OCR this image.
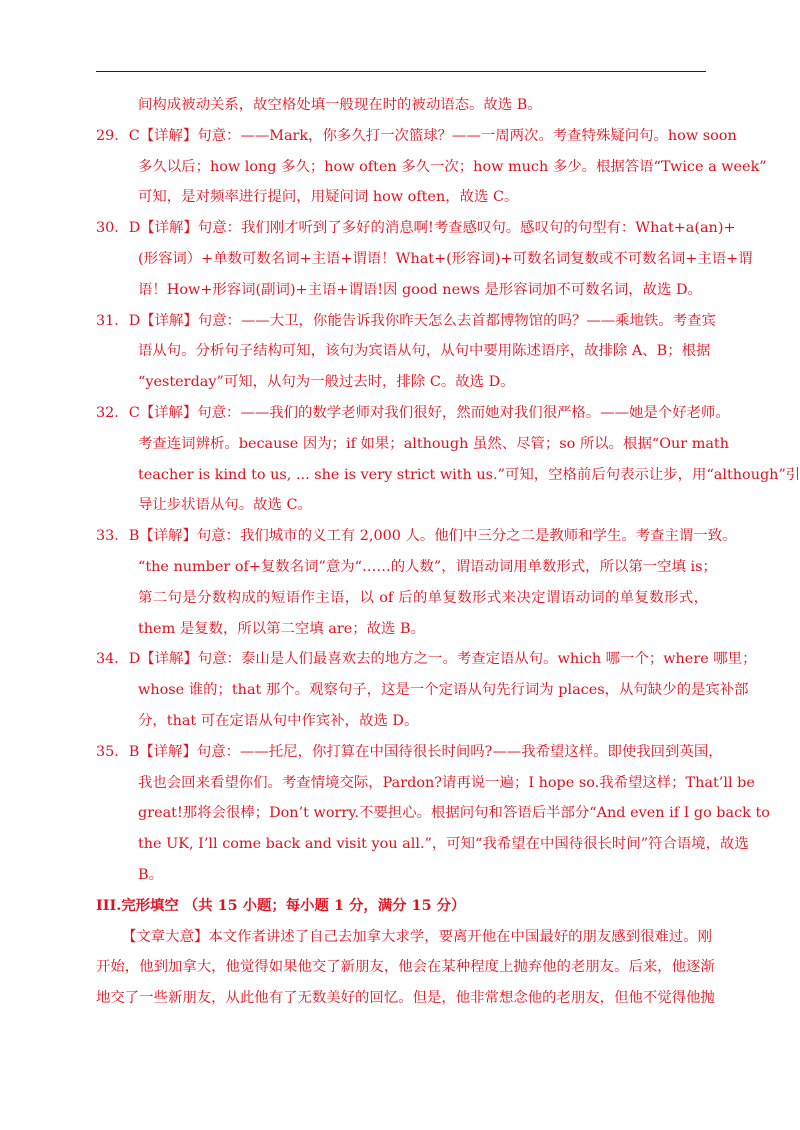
间构成被动关系，故空格处填一般现在时的被动语态。故选 B。
29．C【详解】句意：——Mark，你多久打一次篮球？——一周两次。考查特殊疑问句。how soon
多久以后；how long 多久；how often 多久一次；how much 多少。根据答语“Twice a week”
可知，是对频率进行提问，用疑问词 how often，故选 C。
30．D【详解】句意：我们刚才听到了多好的消息啊!考查感叹句。感叹句的句型有：What+a(an)+
(形容词）+单数可数名词+主语+谓语！What+(形容词)+可数名词复数或不可数名词+主语+谓
语！How+形容词(副词)+主语+谓语!因 good news 是形容词加不可数名词，故选 D。
31．D【详解】句意：——大卫，你能告诉我你昨天怎么去首都博物馆的吗？——乘地铁。考查宾
语从句。分析句子结构可知，该句为宾语从句，从句中要用陈述语序，故排除 A、B；根据
“yesterday”可知，从句为一般过去时，排除 C。故选 D。
32．C【详解】句意：——我们的数学老师对我们很好，然而她对我们很严格。——她是个好老师。
考查连词辨析。because 因为；if 如果；although 虽然、尽管；so 所以。根据“Our math
teacher is kind to us, ... she is very strict with us.”可知，空格前后句表示让步，用“although”引
导让步状语从句。故选 C。
33．B【详解】句意：我们城市的义工有 2,000 人。他们中三分之二是教师和学生。考查主谓一致。
“the number of+复数名词”意为“……的人数”，谓语动词用单数形式，所以第一空填 is；
第二句是分数构成的短语作主语，以 of 后的单复数形式来决定谓语动词的单复数形式，
them 是复数，所以第二空填 are；故选 B。
34．D【详解】句意：泰山是人们最喜欢去的地方之一。考查定语从句。which 哪一个；where 哪里；
whose 谁的；that 那个。观察句子，这是一个定语从句先行词为 places，从句缺少的是宾补部
分，that 可在定语从句中作宾补，故选 D。
35．B【详解】句意：——托尼，你打算在中国待很长时间吗?——我希望这样。即使我回到英国，
我也会回来看望你们。考查情境交际，Pardon?请再说一遍；I hope so.我希望这样；That’ll be
great!那将会很棒；Don’t worry.不要担心。根据问句和答语后半部分“And even if I go back to
the UK, I’ll come back and visit you all.”，可知“我希望在中国待很长时间”符合语境，故选
B。
III.完形填空 （共 15 小题；每小题 1 分，满分 15 分）
【文章大意】本文作者讲述了自己去加拿大求学，要离开他在中国最好的朋友感到很难过。刚
开始，他到加拿大，他觉得如果他交了新朋友，他会在某种程度上抛弃他的老朋友。后来，他逐渐
地交了一些新朋友，从此他有了无数美好的回忆。但是，他非常想念他的老朋友，但他不觉得他抛
